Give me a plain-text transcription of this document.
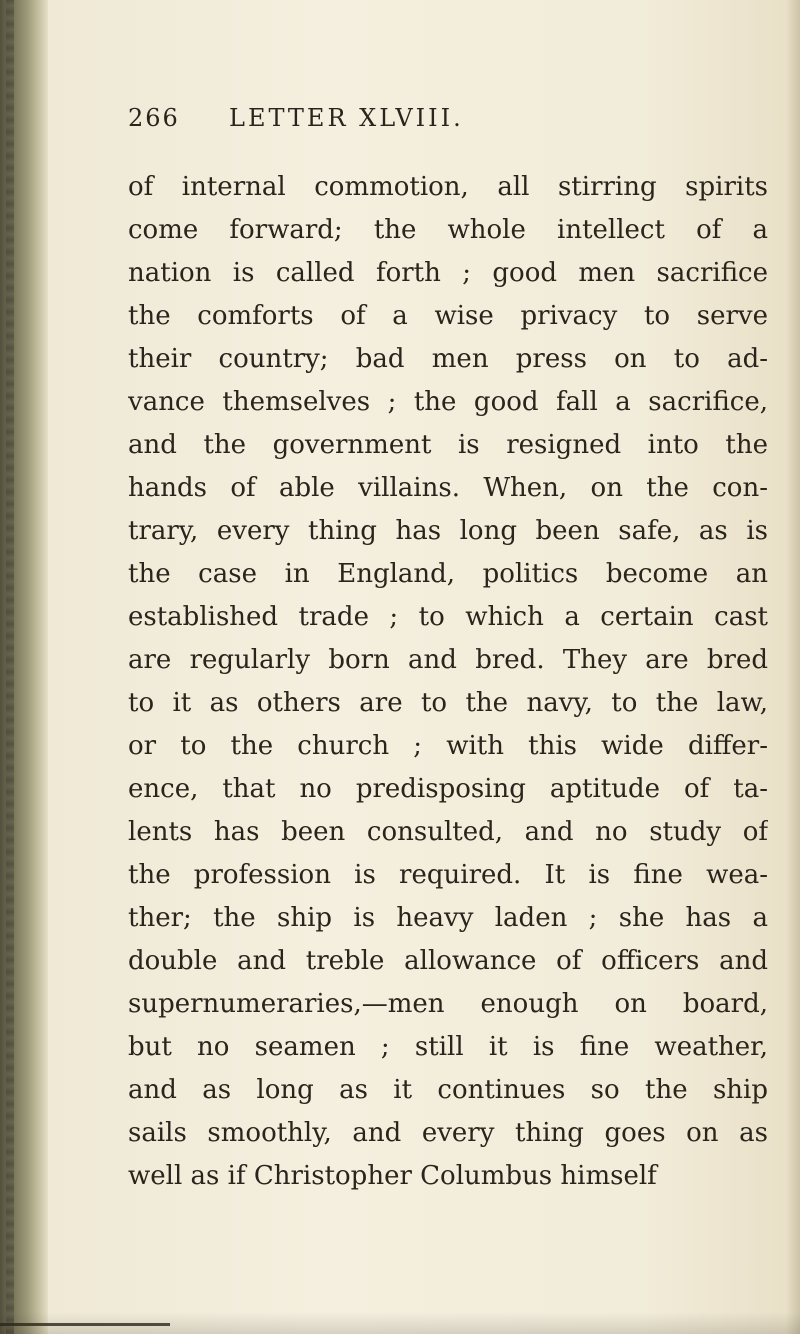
266 LETTER XLVIII.
of internal commotion, all stirring spirits
come forward; the whole intellect of a
nation is called forth ; good men sacrifice
the comforts of a wise privacy to serve
their country; bad men press on to ad-
vance themselves ; the good fall a sacrifice,
and the government is resigned into the
hands of able villains. When, on the con-
trary, every thing has long been safe, as is
the case in England, politics become an
established trade ; to which a certain cast
are regularly born and bred. They are bred
to it as others are to the navy, to the law,
or to the church ; with this wide differ-
ence, that no predisposing aptitude of ta-
lents has been consulted, and no study of
the profession is required. It is fine wea-
ther; the ship is heavy laden ; she has a
double and treble allowance of officers and
supernumeraries,—men enough on board,
but no seamen ; still it is fine weather,
and as long as it continues so the ship
sails smoothly, and every thing goes on as
well as if Christopher Columbus himself
